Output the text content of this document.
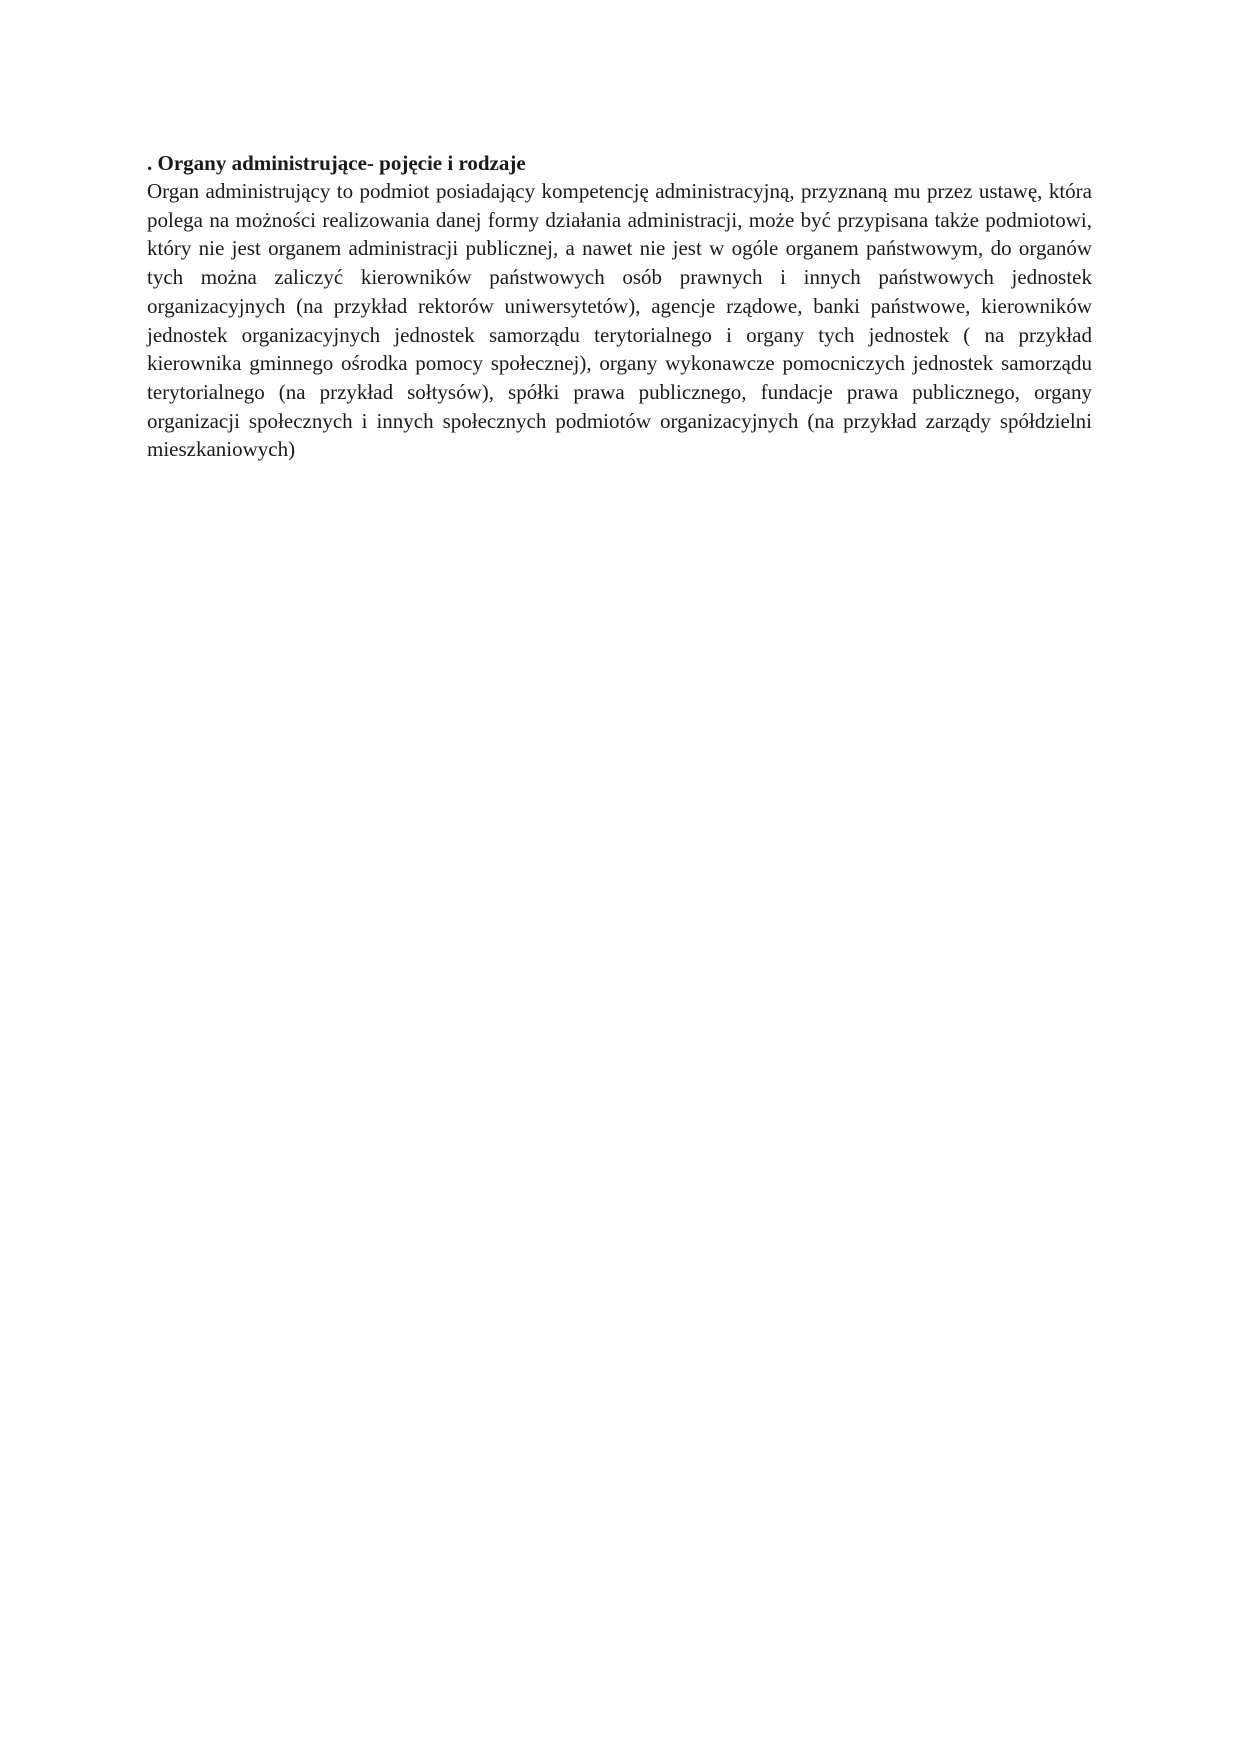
. Organy administrujące- pojęcie i rodzaje

Organ administrujący to podmiot posiadający kompetencję administracyjną, przyznaną mu przez ustawę, która polega na możności realizowania danej formy działania administracji, może być przypisana także podmiotowi, który nie jest organem administracji publicznej, a nawet nie jest w ogóle organem państwowym, do organów tych można zaliczyć kierowników państwowych osób prawnych i innych państwowych jednostek organizacyjnych (na przykład rektorów uniwersytetów), agencje rządowe, banki państwowe, kierowników jednostek organizacyjnych jednostek samorządu terytorialnego i organy tych jednostek ( na przykład kierownika gminnego ośrodka pomocy społecznej), organy wykonawcze pomocniczych jednostek samorządu terytorialnego (na przykład sołtysów), spółki prawa publicznego, fundacje prawa publicznego, organy organizacji społecznych i innych społecznych podmiotów organizacyjnych (na przykład zarządy spółdzielni mieszkaniowych)
